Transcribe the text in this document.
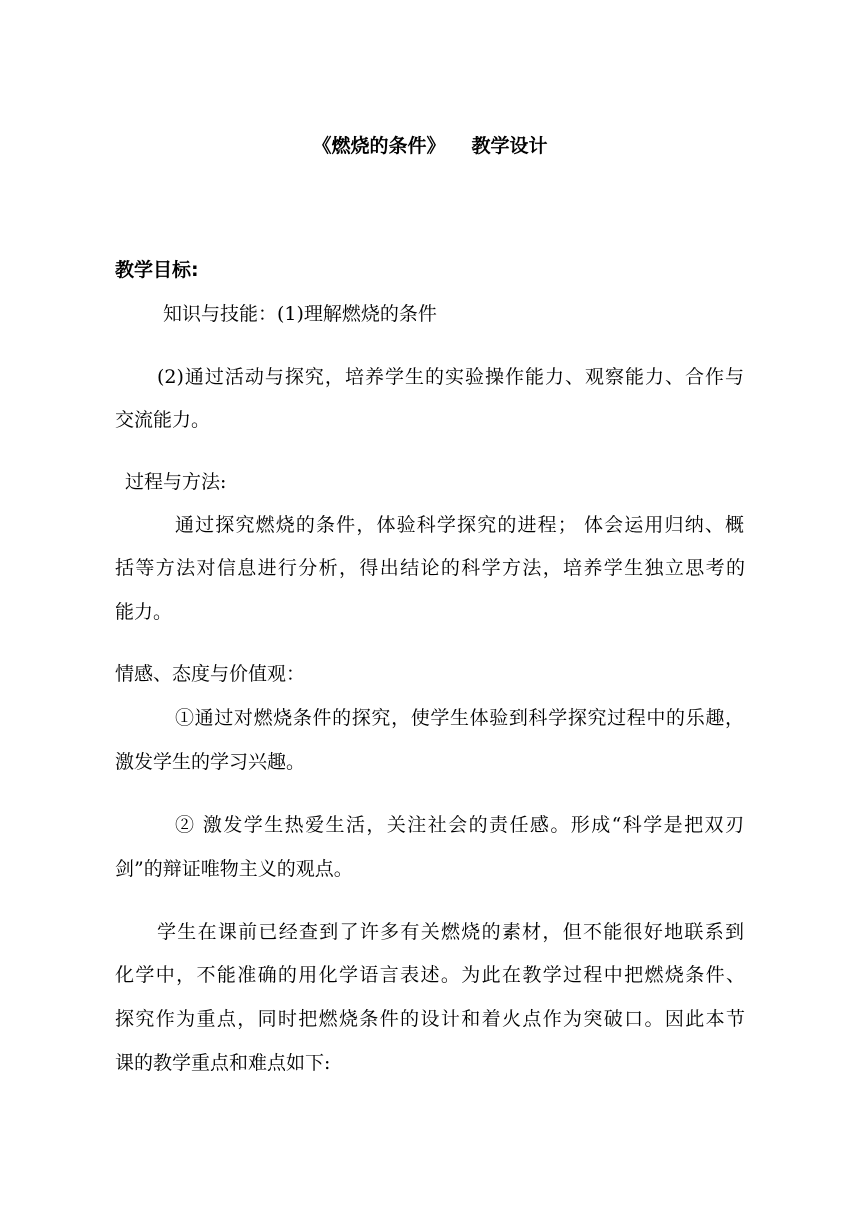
《燃烧的条件》 教学设计
教学目标:
知识与技能：(1)理解燃烧的条件
(2)通过活动与探究，培养学生的实验操作能力、观察能力、合作与
交流能力。
过程与方法:
通过探究燃烧的条件，体验科学探究的进程； 体会运用归纳、概
括等方法对信息进行分析，得出结论的科学方法，培养学生独立思考的
能力。
情感、态度与价值观：
①通过对燃烧条件的探究，使学生体验到科学探究过程中的乐趣，
激发学生的学习兴趣。
② 激发学生热爱生活，关注社会的责任感。形成“科学是把双刃
剑”的辩证唯物主义的观点。
学生在课前已经查到了许多有关燃烧的素材，但不能很好地联系到
化学中，不能准确的用化学语言表述。为此在教学过程中把燃烧条件、
探究作为重点，同时把燃烧条件的设计和着火点作为突破口。因此本节
课的教学重点和难点如下:
